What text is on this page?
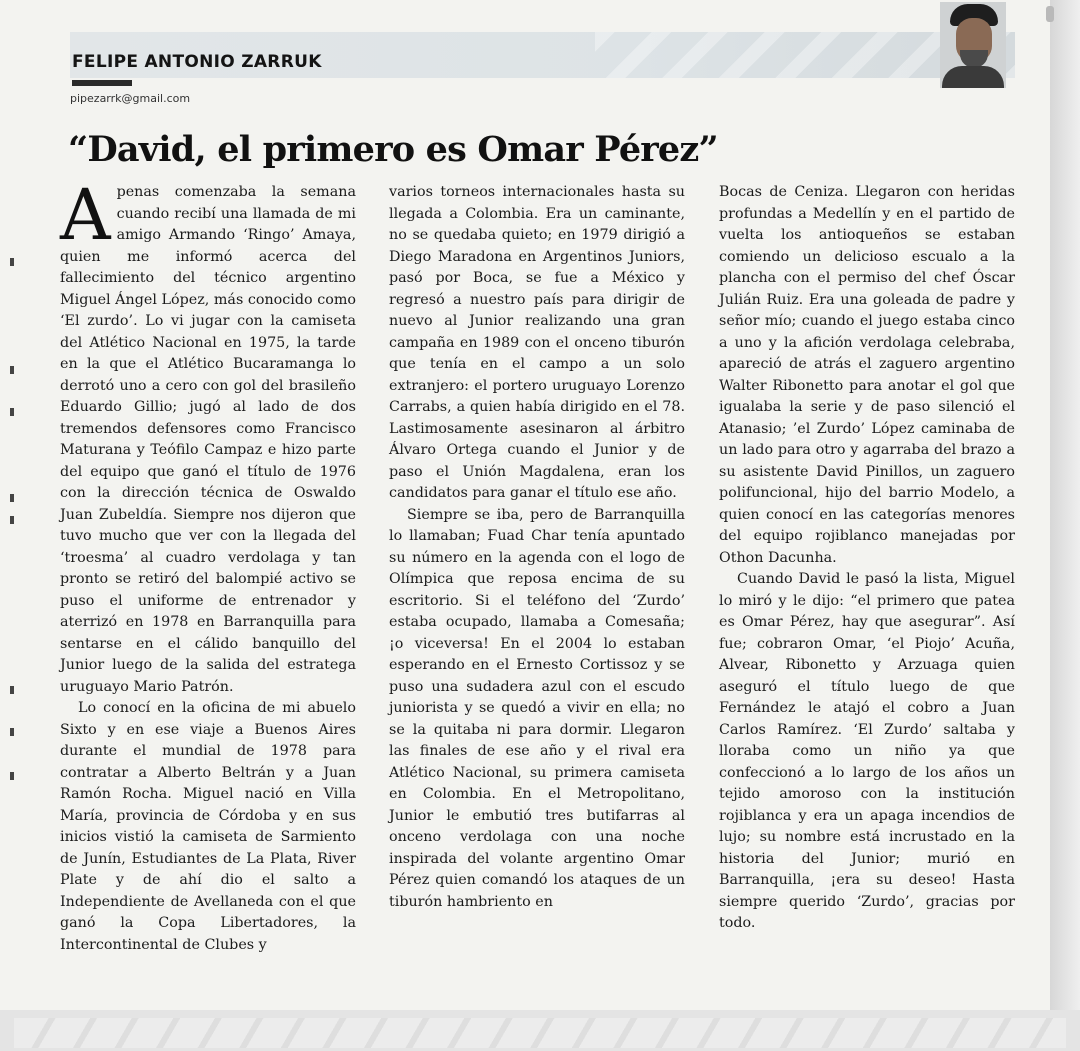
FELIPE ANTONIO ZARRUK
pipezarrk@gmail.com
“David, el primero es Omar Pérez”

Apenas comenzaba la semana cuando recibí una llamada de mi amigo Armando ‘Ringo’ Amaya, quien me informó acerca del fallecimiento del técnico argentino Miguel Ángel López, más conocido como ‘El zurdo’. Lo vi jugar con la camiseta del Atlético Nacional en 1975, la tarde en la que el Atlético Bucaramanga lo derrotó uno a cero con gol del brasileño Eduardo Gillio; jugó al lado de dos tremendos defensores como Francisco Maturana y Teófilo Campaz e hizo parte del equipo que ganó el título de 1976 con la dirección técnica de Oswaldo Juan Zubeldía. Siempre nos dijeron que tuvo mucho que ver con la llegada del ‘troesma’ al cuadro verdolaga y tan pronto se retiró del balompié activo se puso el uniforme de entrenador y aterrizó en 1978 en Barranquilla para sentarse en el cálido banquillo del Junior luego de la salida del estratega uruguayo Mario Patrón.

Lo conocí en la oficina de mi abuelo Sixto y en ese viaje a Buenos Aires durante el mundial de 1978 para contratar a Alberto Beltrán y a Juan Ramón Rocha. Miguel nació en Villa María, provincia de Córdoba y en sus inicios vistió la camiseta de Sarmiento de Junín, Estudiantes de La Plata, River Plate y de ahí dio el salto a Independiente de Avellaneda con el que ganó la Copa Libertadores, la Intercontinental de Clubes y

varios torneos internacionales hasta su llegada a Colombia. Era un caminante, no se quedaba quieto; en 1979 dirigió a Diego Maradona en Argentinos Juniors, pasó por Boca, se fue a México y regresó a nuestro país para dirigir de nuevo al Junior realizando una gran campaña en 1989 con el onceno tiburón que tenía en el campo a un solo extranjero: el portero uruguayo Lorenzo Carrabs, a quien había dirigido en el 78. Lastimosamente asesinaron al árbitro Álvaro Ortega cuando el Junior y de paso el Unión Magdalena, eran los candidatos para ganar el título ese año.

Siempre se iba, pero de Barranquilla lo llamaban; Fuad Char tenía apuntado su número en la agenda con el logo de Olímpica que reposa encima de su escritorio. Si el teléfono del ‘Zurdo’ estaba ocupado, llamaba a Comesaña; ¡o viceversa! En el 2004 lo estaban esperando en el Ernesto Cortissoz y se puso una sudadera azul con el escudo juniorista y se quedó a vivir en ella; no se la quitaba ni para dormir. Llegaron las finales de ese año y el rival era Atlético Nacional, su primera camiseta en Colombia. En el Metropolitano, Junior le embutió tres butifarras al onceno verdolaga con una noche inspirada del volante argentino Omar Pérez quien comandó los ataques de un tiburón hambriento en

Bocas de Ceniza. Llegaron con heridas profundas a Medellín y en el partido de vuelta los antioqueños se estaban comiendo un delicioso escualo a la plancha con el permiso del chef Óscar Julián Ruiz. Era una goleada de padre y señor mío; cuando el juego estaba cinco a uno y la afición verdolaga celebraba, apareció de atrás el zaguero argentino Walter Ribonetto para anotar el gol que igualaba la serie y de paso silenció el Atanasio; ’el Zurdo’ López caminaba de un lado para otro y agarraba del brazo a su asistente David Pinillos, un zaguero polifuncional, hijo del barrio Modelo, a quien conocí en las categorías menores del equipo rojiblanco manejadas por Othon Dacunha.

Cuando David le pasó la lista, Miguel lo miró y le dijo: “el primero que patea es Omar Pérez, hay que asegurar”. Así fue; cobraron Omar, ‘el Piojo’ Acuña, Alvear, Ribonetto y Arzuaga quien aseguró el título luego de que Fernández le atajó el cobro a Juan Carlos Ramírez. ‘El Zurdo’ saltaba y lloraba como un niño ya que confeccionó a lo largo de los años un tejido amoroso con la institución rojiblanca y era un apaga incendios de lujo; su nombre está incrustado en la historia del Junior; murió en Barranquilla, ¡era su deseo! Hasta siempre querido ‘Zurdo’, gracias por todo.
